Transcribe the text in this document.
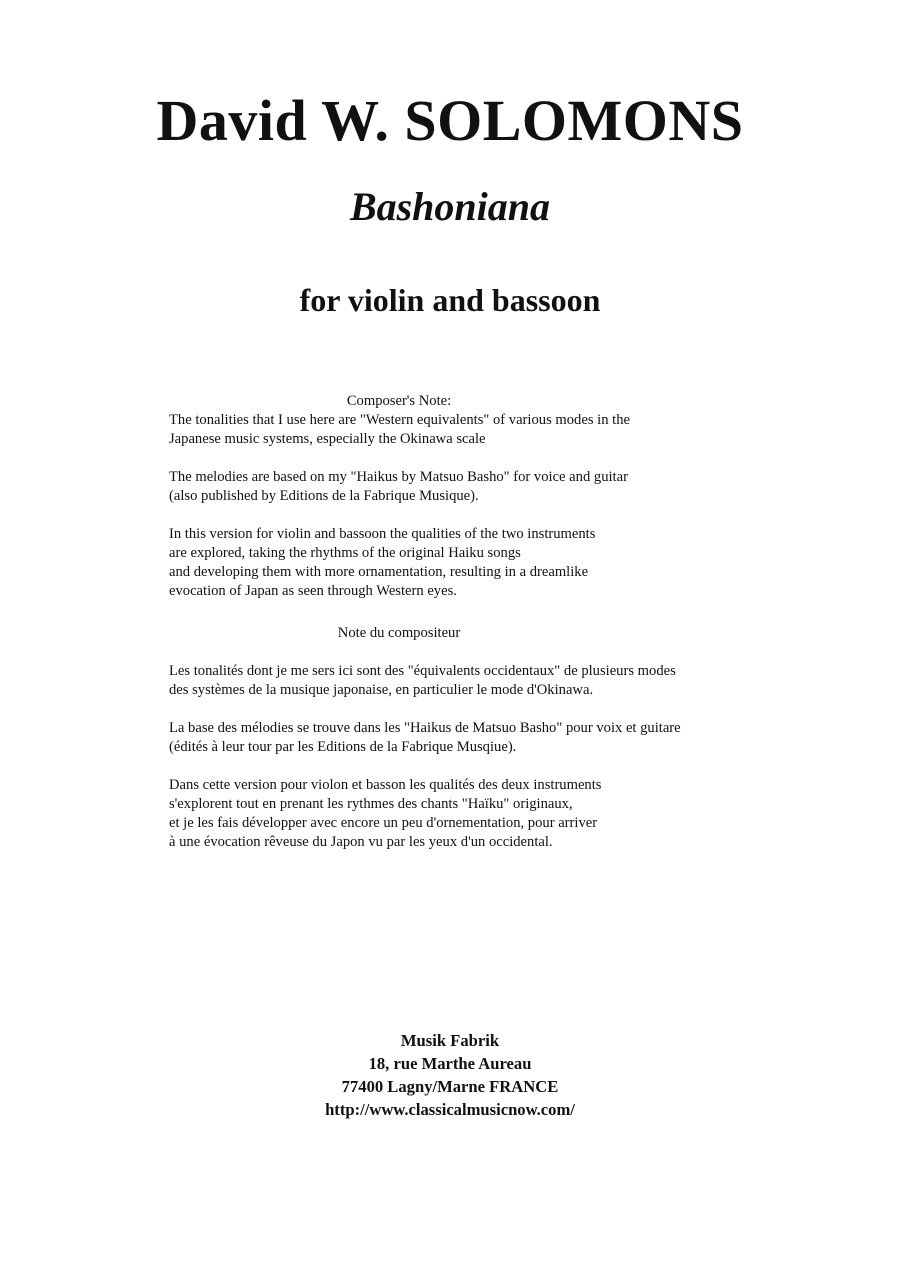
David W. SOLOMONS
Bashoniana
for violin and bassoon
Composer's Note:
The tonalities that I use here are "Western equivalents" of various modes in the
Japanese music systems, especially the Okinawa scale
The melodies are based on my "Haikus by Matsuo Basho" for voice and guitar
(also published by Editions de la Fabrique Musique).
In this version for violin and bassoon the qualities of the two instruments
are explored, taking the rhythms of the original Haiku songs
and developing them with more ornamentation, resulting in a dreamlike
evocation of Japan as seen through Western eyes.
Note du compositeur
Les tonalités dont je me sers ici sont des "équivalents occidentaux" de plusieurs modes
des systèmes de la musique japonaise, en particulier le mode d'Okinawa.
La base des mélodies se trouve dans les "Haikus de Matsuo Basho" pour voix et guitare
(édités à leur tour par les Editions de la Fabrique Musqiue).
Dans cette version pour violon et basson les qualités des deux instruments
s'explorent tout en prenant les rythmes des chants "Haïku" originaux,
et je les fais développer avec encore un peu d'ornementation, pour arriver
à une évocation rêveuse du Japon vu par les yeux d'un occidental.
Musik Fabrik
18, rue Marthe Aureau
77400 Lagny/Marne FRANCE
http://www.classicalmusicnow.com/
